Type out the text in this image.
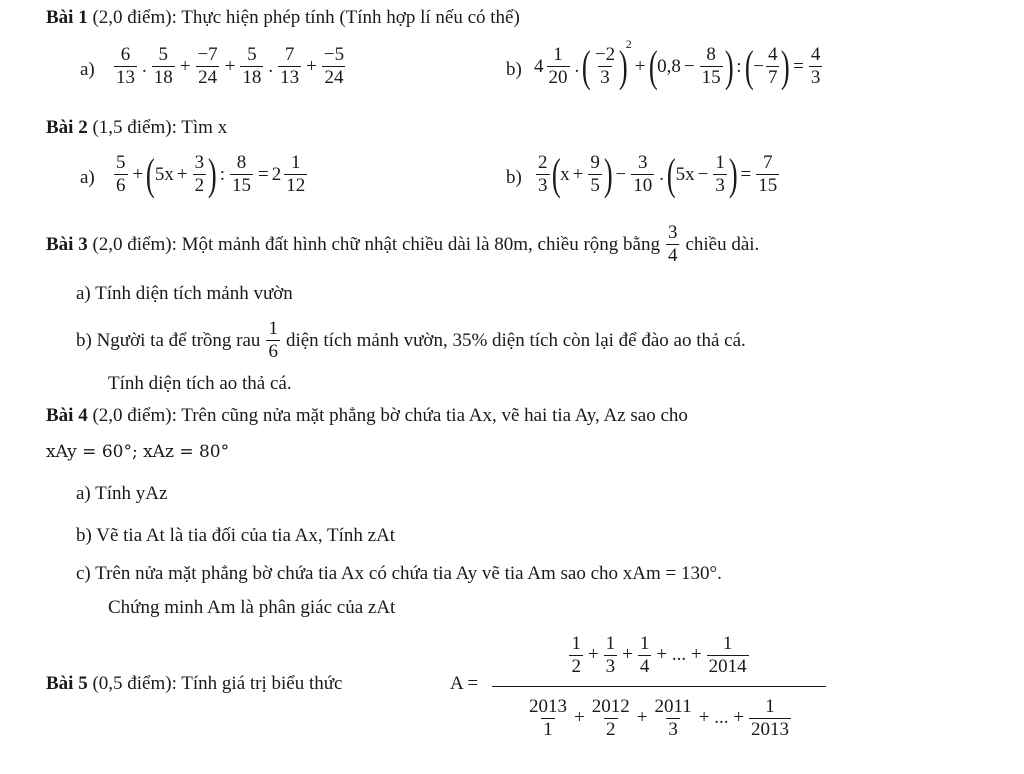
Bài 1 (2,0 điểm): Thực hiện phép tính (Tính hợp lí nếu có thể)
$a) \frac{6}{13}$ . $\frac{5}{18} + \frac{-7}{24} + \frac{5}{18}$ . $\frac{7}{13} + \frac{-5}{24}$	b) $4 \frac{1}{20}$ . ( $\frac{-2}{3}$ )
2
+ ( $0,8 - \frac{8}{15}$ ) : ( − $\frac{4}{7}$ ) = $\frac{4}{3}$
Bài 2 (1,5 điểm): Tìm x
$a) \frac{5}{6}$ + ( $5x + \frac{3}{2}$ ) : $\frac{8}{15} = 2 \frac{1}{12}$	$b) \frac{2}{3}$ ( $x + \frac{9}{5}$ ) − $\frac{3}{10}$ . ( $5x - \frac{1}{3}$ ) = $\frac{7}{15}$
Bài 3
(2,0 điểm): Một mảnh đất hình chữ nhật chiều dài là 80m, chiều rộng bằng $\frac{3}{4}$ chiều dài.
a) Tính diện tích mảnh vườn
b) Người ta để trồng rau $\frac{1}{6}$ diện tích mảnh vườn, 35% diện tích còn lại để đào ao thả cá.
Tính diện tích ao thả cá.
Bài 4 (2,0 điểm): Trên cũng nửa mặt phẳng bờ chứa tia Ax, vẽ hai tia Ay, Az sao cho
xAy = 60°; xAz = 80°
a) Tính yAz
b) Vẽ tia At là tia đối của tia Ax, Tính zAt
c) Trên nửa mặt phẳng bờ chứa tia Ax có chứa tia Ay vẽ tia Am sao cho xAm = 130°.
Chứng minh Am là phân giác của zAt
Bài 5 (0,5 điểm): Tính giá trị biểu thức	A =
$\frac{1}{2} + \frac{1}{3} + \frac{1}{4}$ + ... + $\frac{1}{2014}$
$\frac{2013}{1} + \frac{2012}{2} + \frac{2011}{3}$ + ... + $\frac{1}{2013}$
